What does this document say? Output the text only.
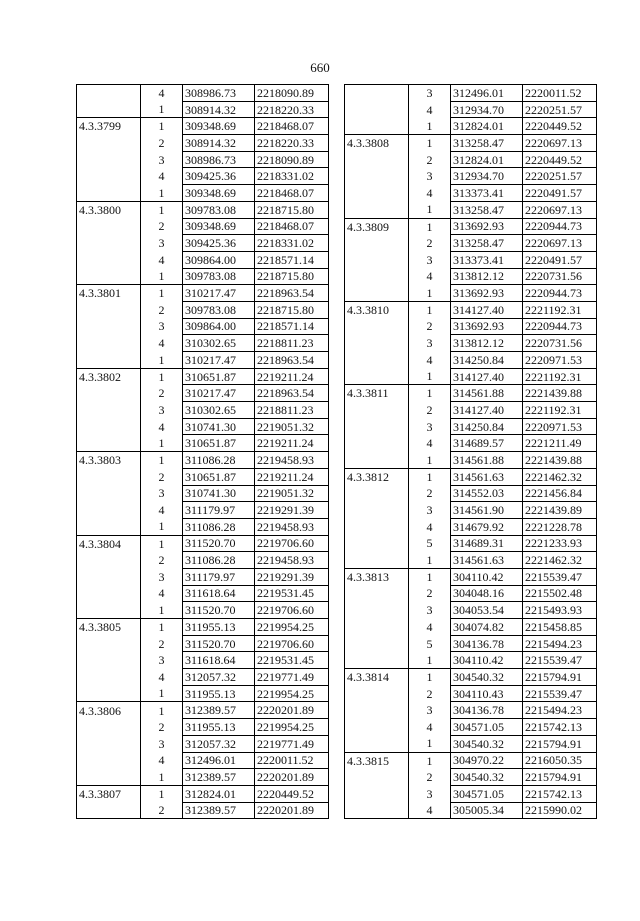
660
	4	308986.73	2218090.89
	1	308914.32	2218220.33
4.3.3799	1	309348.69	2218468.07
	2	308914.32	2218220.33
	3	308986.73	2218090.89
	4	309425.36	2218331.02
	1	309348.69	2218468.07
4.3.3800	1	309783.08	2218715.80
	2	309348.69	2218468.07
	3	309425.36	2218331.02
	4	309864.00	2218571.14
	1	309783.08	2218715.80
4.3.3801	1	310217.47	2218963.54
	2	309783.08	2218715.80
	3	309864.00	2218571.14
	4	310302.65	2218811.23
	1	310217.47	2218963.54
4.3.3802	1	310651.87	2219211.24
	2	310217.47	2218963.54
	3	310302.65	2218811.23
	4	310741.30	2219051.32
	1	310651.87	2219211.24
4.3.3803	1	311086.28	2219458.93
	2	310651.87	2219211.24
	3	310741.30	2219051.32
	4	311179.97	2219291.39
	1	311086.28	2219458.93
4.3.3804	1	311520.70	2219706.60
	2	311086.28	2219458.93
	3	311179.97	2219291.39
	4	311618.64	2219531.45
	1	311520.70	2219706.60
4.3.3805	1	311955.13	2219954.25
	2	311520.70	2219706.60
	3	311618.64	2219531.45
	4	312057.32	2219771.49
	1	311955.13	2219954.25
4.3.3806	1	312389.57	2220201.89
	2	311955.13	2219954.25
	3	312057.32	2219771.49
	4	312496.01	2220011.52
	1	312389.57	2220201.89
4.3.3807	1	312824.01	2220449.52
	2	312389.57	2220201.89
	3	312496.01	2220011.52
	4	312934.70	2220251.57
	1	312824.01	2220449.52
4.3.3808	1	313258.47	2220697.13
	2	312824.01	2220449.52
	3	312934.70	2220251.57
	4	313373.41	2220491.57
	1	313258.47	2220697.13
4.3.3809	1	313692.93	2220944.73
	2	313258.47	2220697.13
	3	313373.41	2220491.57
	4	313812.12	2220731.56
	1	313692.93	2220944.73
4.3.3810	1	314127.40	2221192.31
	2	313692.93	2220944.73
	3	313812.12	2220731.56
	4	314250.84	2220971.53
	1	314127.40	2221192.31
4.3.3811	1	314561.88	2221439.88
	2	314127.40	2221192.31
	3	314250.84	2220971.53
	4	314689.57	2221211.49
	1	314561.88	2221439.88
4.3.3812	1	314561.63	2221462.32
	2	314552.03	2221456.84
	3	314561.90	2221439.89
	4	314679.92	2221228.78
	5	314689.31	2221233.93
	1	314561.63	2221462.32
4.3.3813	1	304110.42	2215539.47
	2	304048.16	2215502.48
	3	304053.54	2215493.93
	4	304074.82	2215458.85
	5	304136.78	2215494.23
	1	304110.42	2215539.47
4.3.3814	1	304540.32	2215794.91
	2	304110.43	2215539.47
	3	304136.78	2215494.23
	4	304571.05	2215742.13
	1	304540.32	2215794.91
4.3.3815	1	304970.22	2216050.35
	2	304540.32	2215794.91
	3	304571.05	2215742.13
	4	305005.34	2215990.02
